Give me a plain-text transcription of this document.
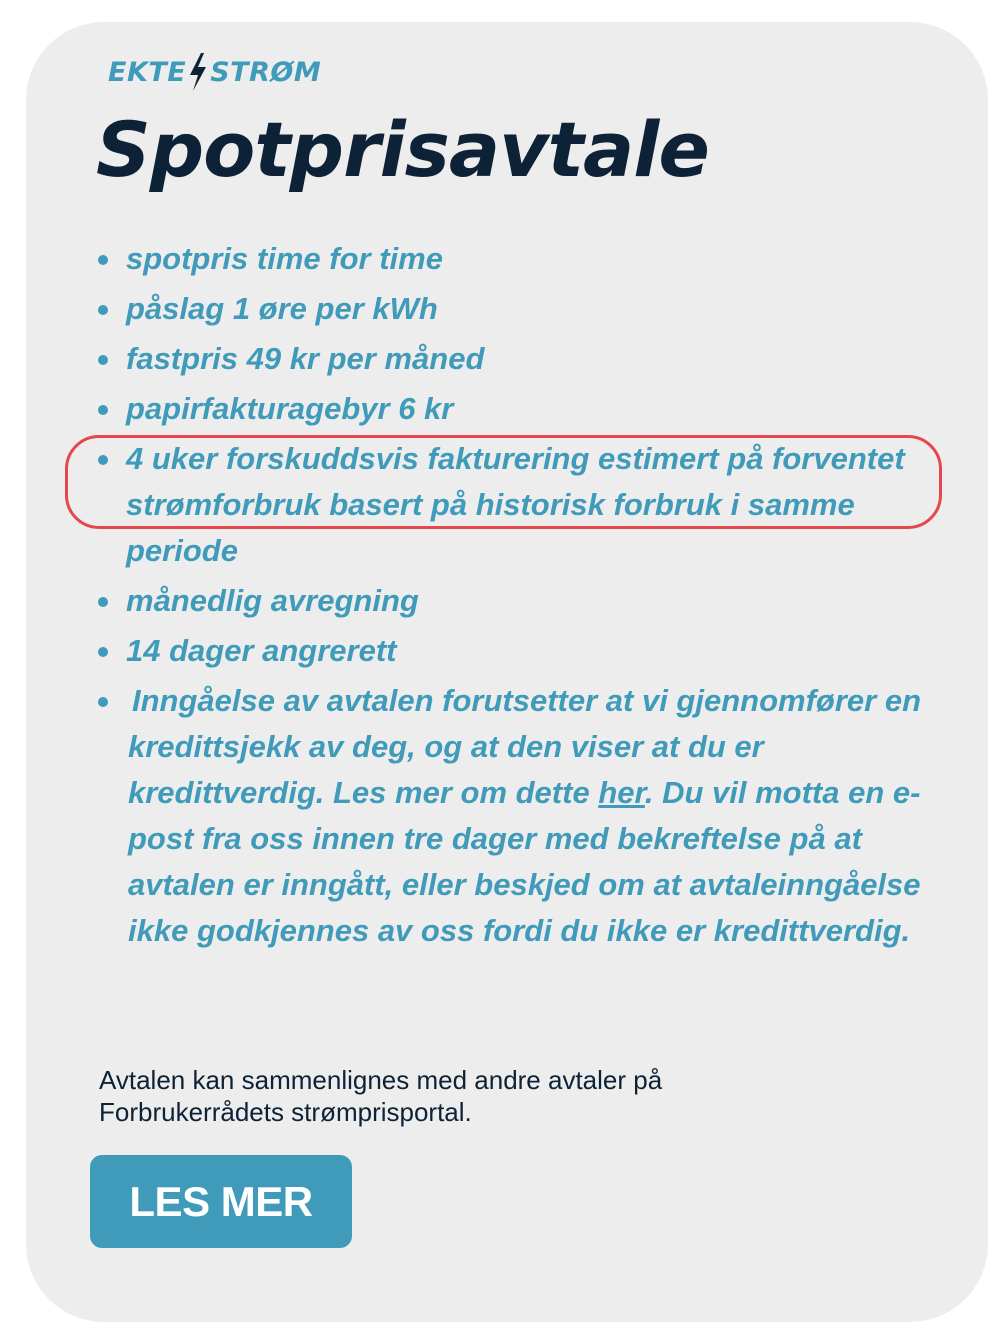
EKTE STRØM
Spotprisavtale
spotpris time for time
påslag 1 øre per kWh
fastpris 49 kr per måned
papirfakturagebyr 6 kr
4 uker forskuddsvis fakturering estimert på forventet strømforbruk basert på historisk forbruk i samme periode
månedlig avregning
14 dager angrerett
Inngåelse av avtalen forutsetter at vi gjennomfører en kredittsjekk av deg, og at den viser at du er kredittverdig. Les mer om dette her. Du vil motta en e-post fra oss innen tre dager med bekreftelse på at avtalen er inngått, eller beskjed om at avtaleinngåelse ikke godkjennes av oss fordi du ikke er kredittverdig.

Avtalen kan sammenlignes med andre avtaler på Forbrukerrådets strømprisportal.

LES MER
